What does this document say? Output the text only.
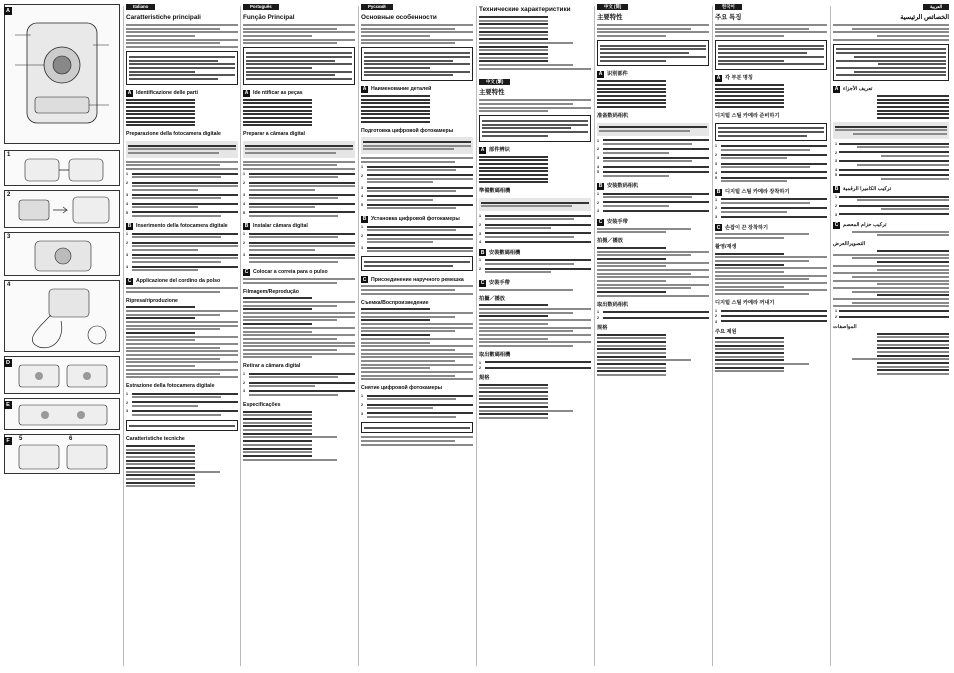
A
1
2
3
4
D
E
F	5	6
Italiano
Caratteristiche principali
A Identificazione delle parti
Preparazione della fotocamera digitale
1
2
3
4
5
B Inserimento della fotocamera digitale
1
2
3
4
C Applicazione del cordino da polso
Ripresa/riproduzione
Estrazione della fotocamera digitale
1
2
3
Caratteristiche tecniche
Português
Função Principal
A Ide ntificar as peças
Preparar a câmara digital
1
2
3
4
5
B Instalar câmara digital
1
2
3
C Colocar a correia para o pulso
Filmagem/Reprodução
Retirar a câmara digital
1
2
3
Especificações
Русский
Основные особенности
A Наименование деталей
Подготовка цифровой фотокамеры
1
2
3
4
5
B Установка цифровой фотокамеры
1
2
3
C Присоединение наручного ремешка
Съемка/Воспроизведение
Снятие цифровой фотокамеры
1
2
3
Технические характеристики
中文 (繁)
主要特性
A 部件辨识
準備數碼相機
1
2
3
4
B 安裝數碼相機
1
2
C 安裝手帶
拍攝／播放
取出數碼相機
1
2
規格
中文 (简)
主要特性
A 识别部件
准备数码相机
1
2
3
4
5
B 安装数码相机
1
2
3
C 安装手带
拍摄／播放
取出数码相机
1
2
规格
한국어
주요 특징
A 각 부분 명칭
디지털 스틸 카메라 준비하기
1
2
3
4
5
B 디지털 스틸 카메라 장착하기
1
2
3
C 손잡이 끈 장착하기
촬영/재생
디지털 스틸 카메라 꺼내기
1
2
3
주요 제원
العربية
الخصائص الرئيسية
A تعريف الأجزاء
1
2
3
4
5
B تركيب الكاميرا الرقمية
1
2
3
C تركيب حزام المعصم
التصوير/العرض
1
2
المواصفات
